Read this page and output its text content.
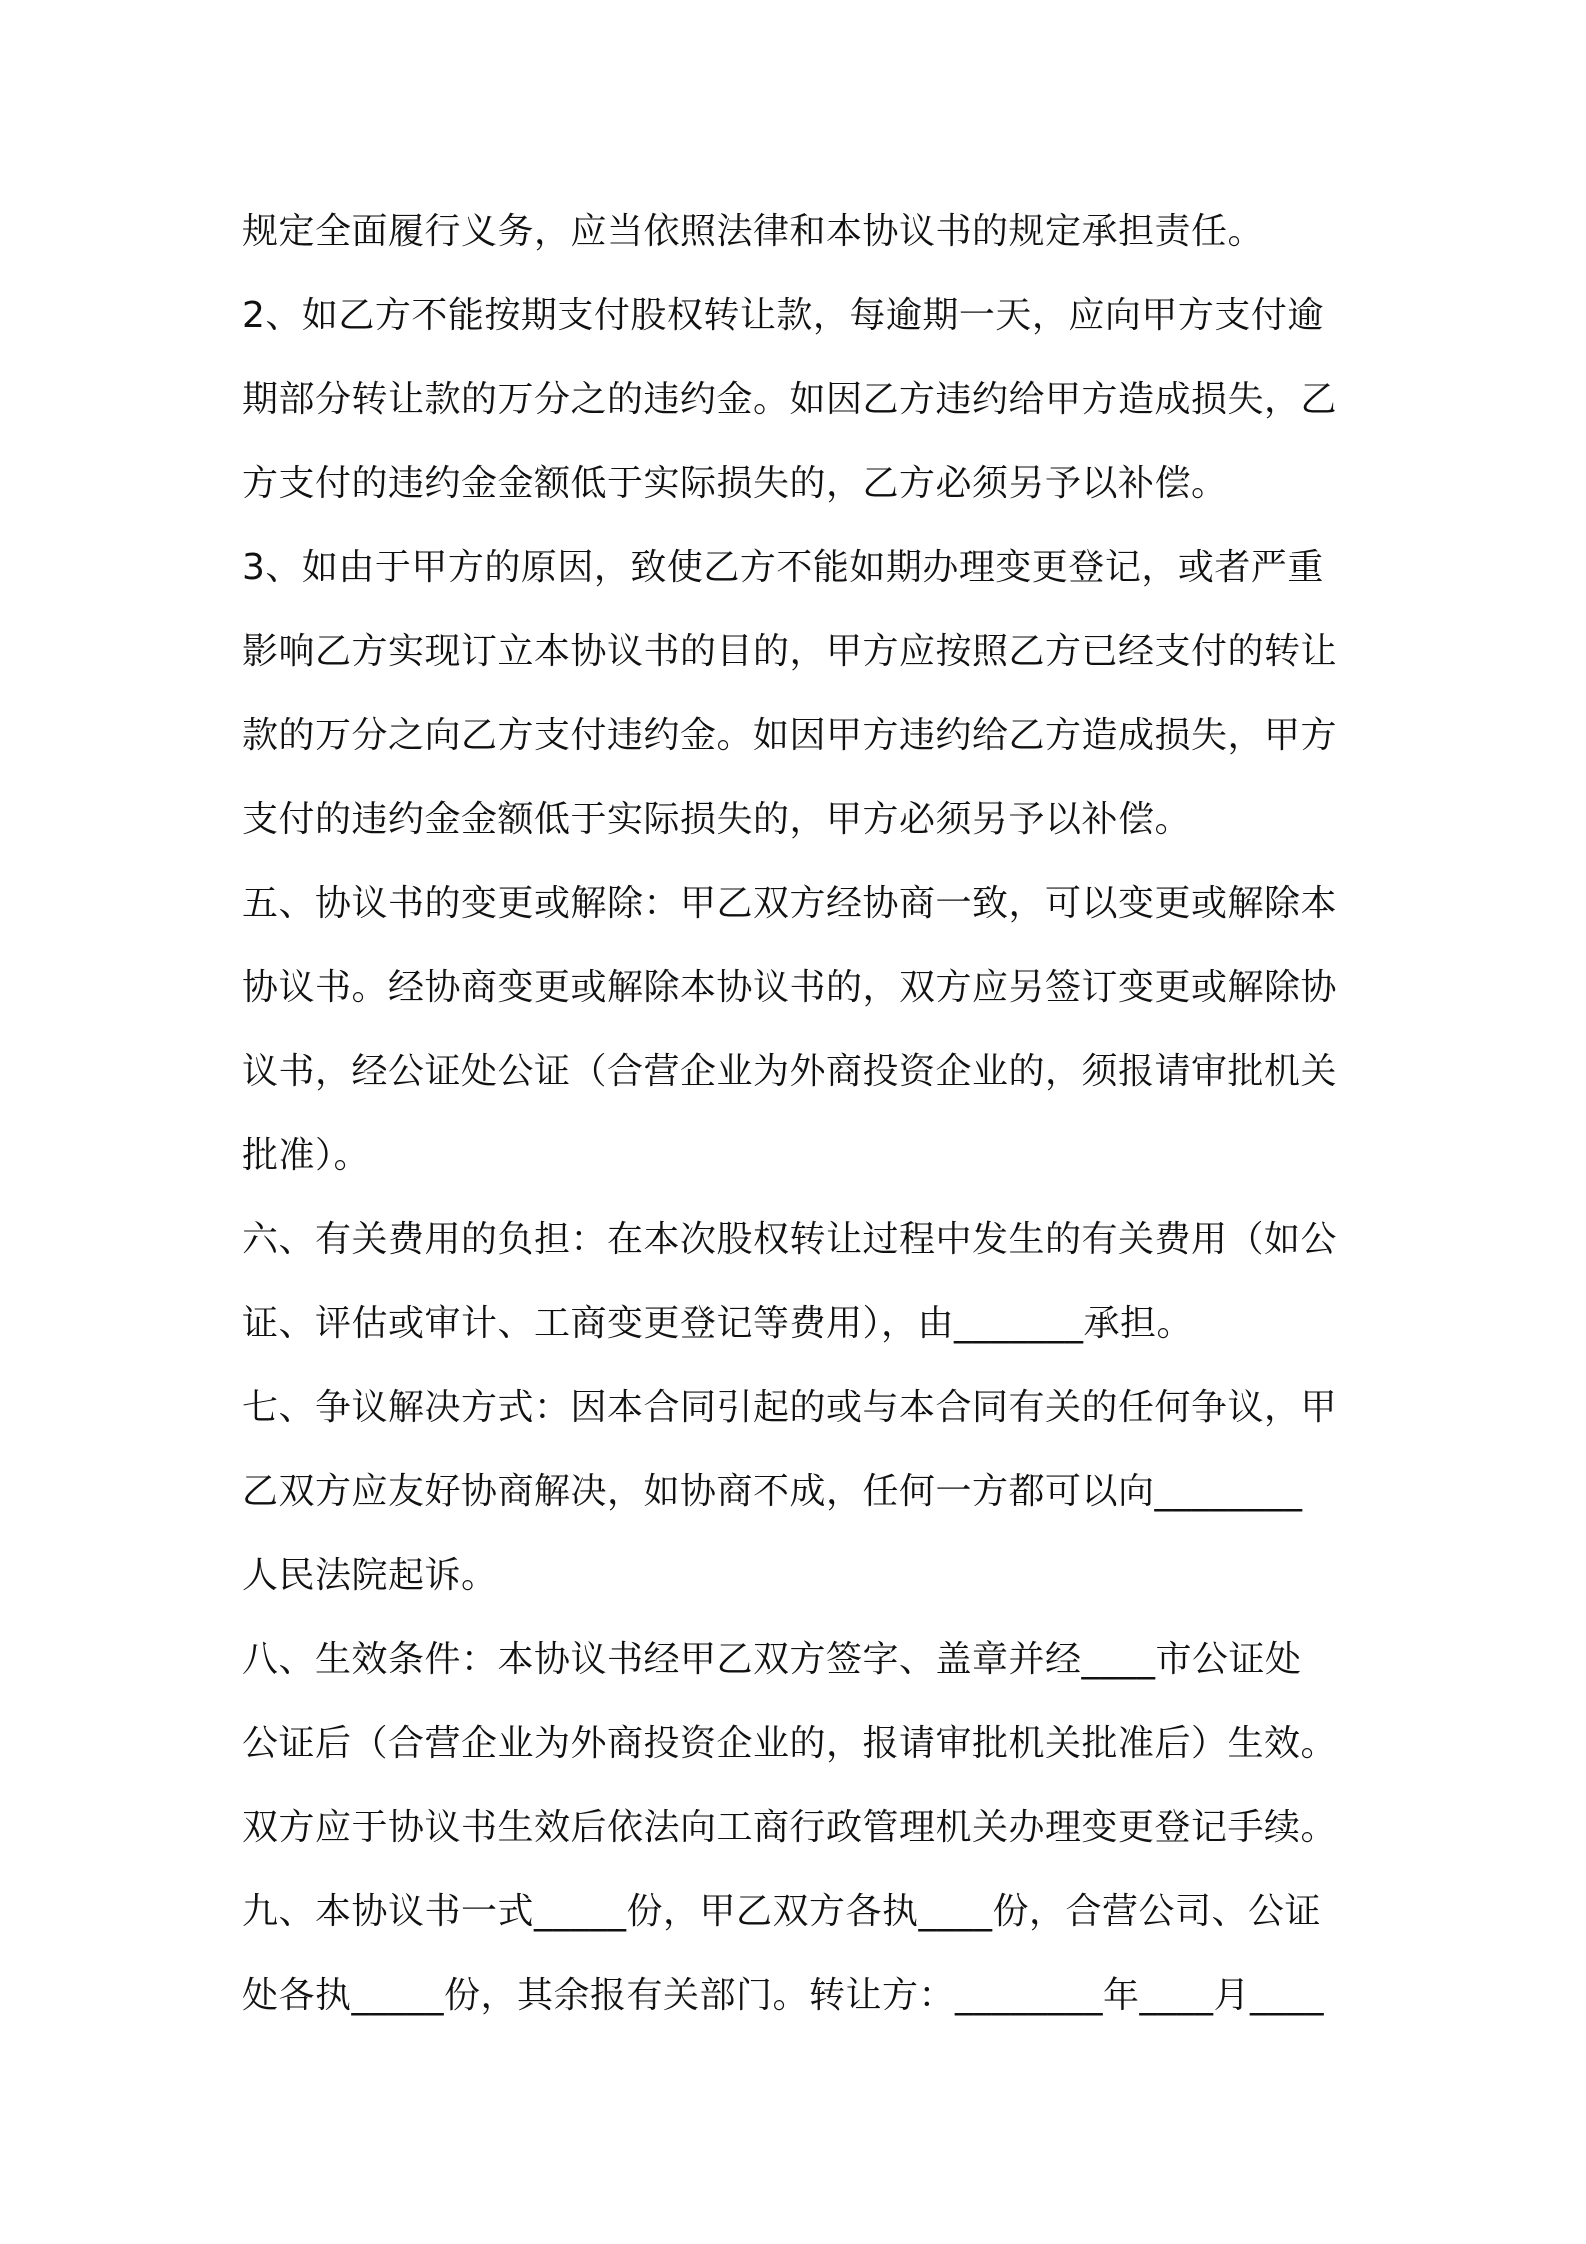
规定全面履行义务，应当依照法律和本协议书的规定承担责任。
2、如乙方不能按期支付股权转让款，每逾期一天，应向甲方支付逾
期部分转让款的万分之的违约金。如因乙方违约给甲方造成损失，乙
方支付的违约金金额低于实际损失的，乙方必须另予以补偿。
3、如由于甲方的原因，致使乙方不能如期办理变更登记，或者严重
影响乙方实现订立本协议书的目的，甲方应按照乙方已经支付的转让
款的万分之向乙方支付违约金。如因甲方违约给乙方造成损失，甲方
支付的违约金金额低于实际损失的，甲方必须另予以补偿。
五、协议书的变更或解除：甲乙双方经协商一致，可以变更或解除本
协议书。经协商变更或解除本协议书的，双方应另签订变更或解除协
议书，经公证处公证（合营企业为外商投资企业的，须报请审批机关
批准）。
六、有关费用的负担：在本次股权转让过程中发生的有关费用（如公
证、评估或审计、工商变更登记等费用），由_______承担。
七、争议解决方式：因本合同引起的或与本合同有关的任何争议，甲
乙双方应友好协商解决，如协商不成，任何一方都可以向________
人民法院起诉。
八、生效条件：本协议书经甲乙双方签字、盖章并经____市公证处
公证后（合营企业为外商投资企业的，报请审批机关批准后）生效。
双方应于协议书生效后依法向工商行政管理机关办理变更登记手续。
九、本协议书一式_____份，甲乙双方各执____份，合营公司、公证
处各执_____份，其余报有关部门。转让方：________年____月____
